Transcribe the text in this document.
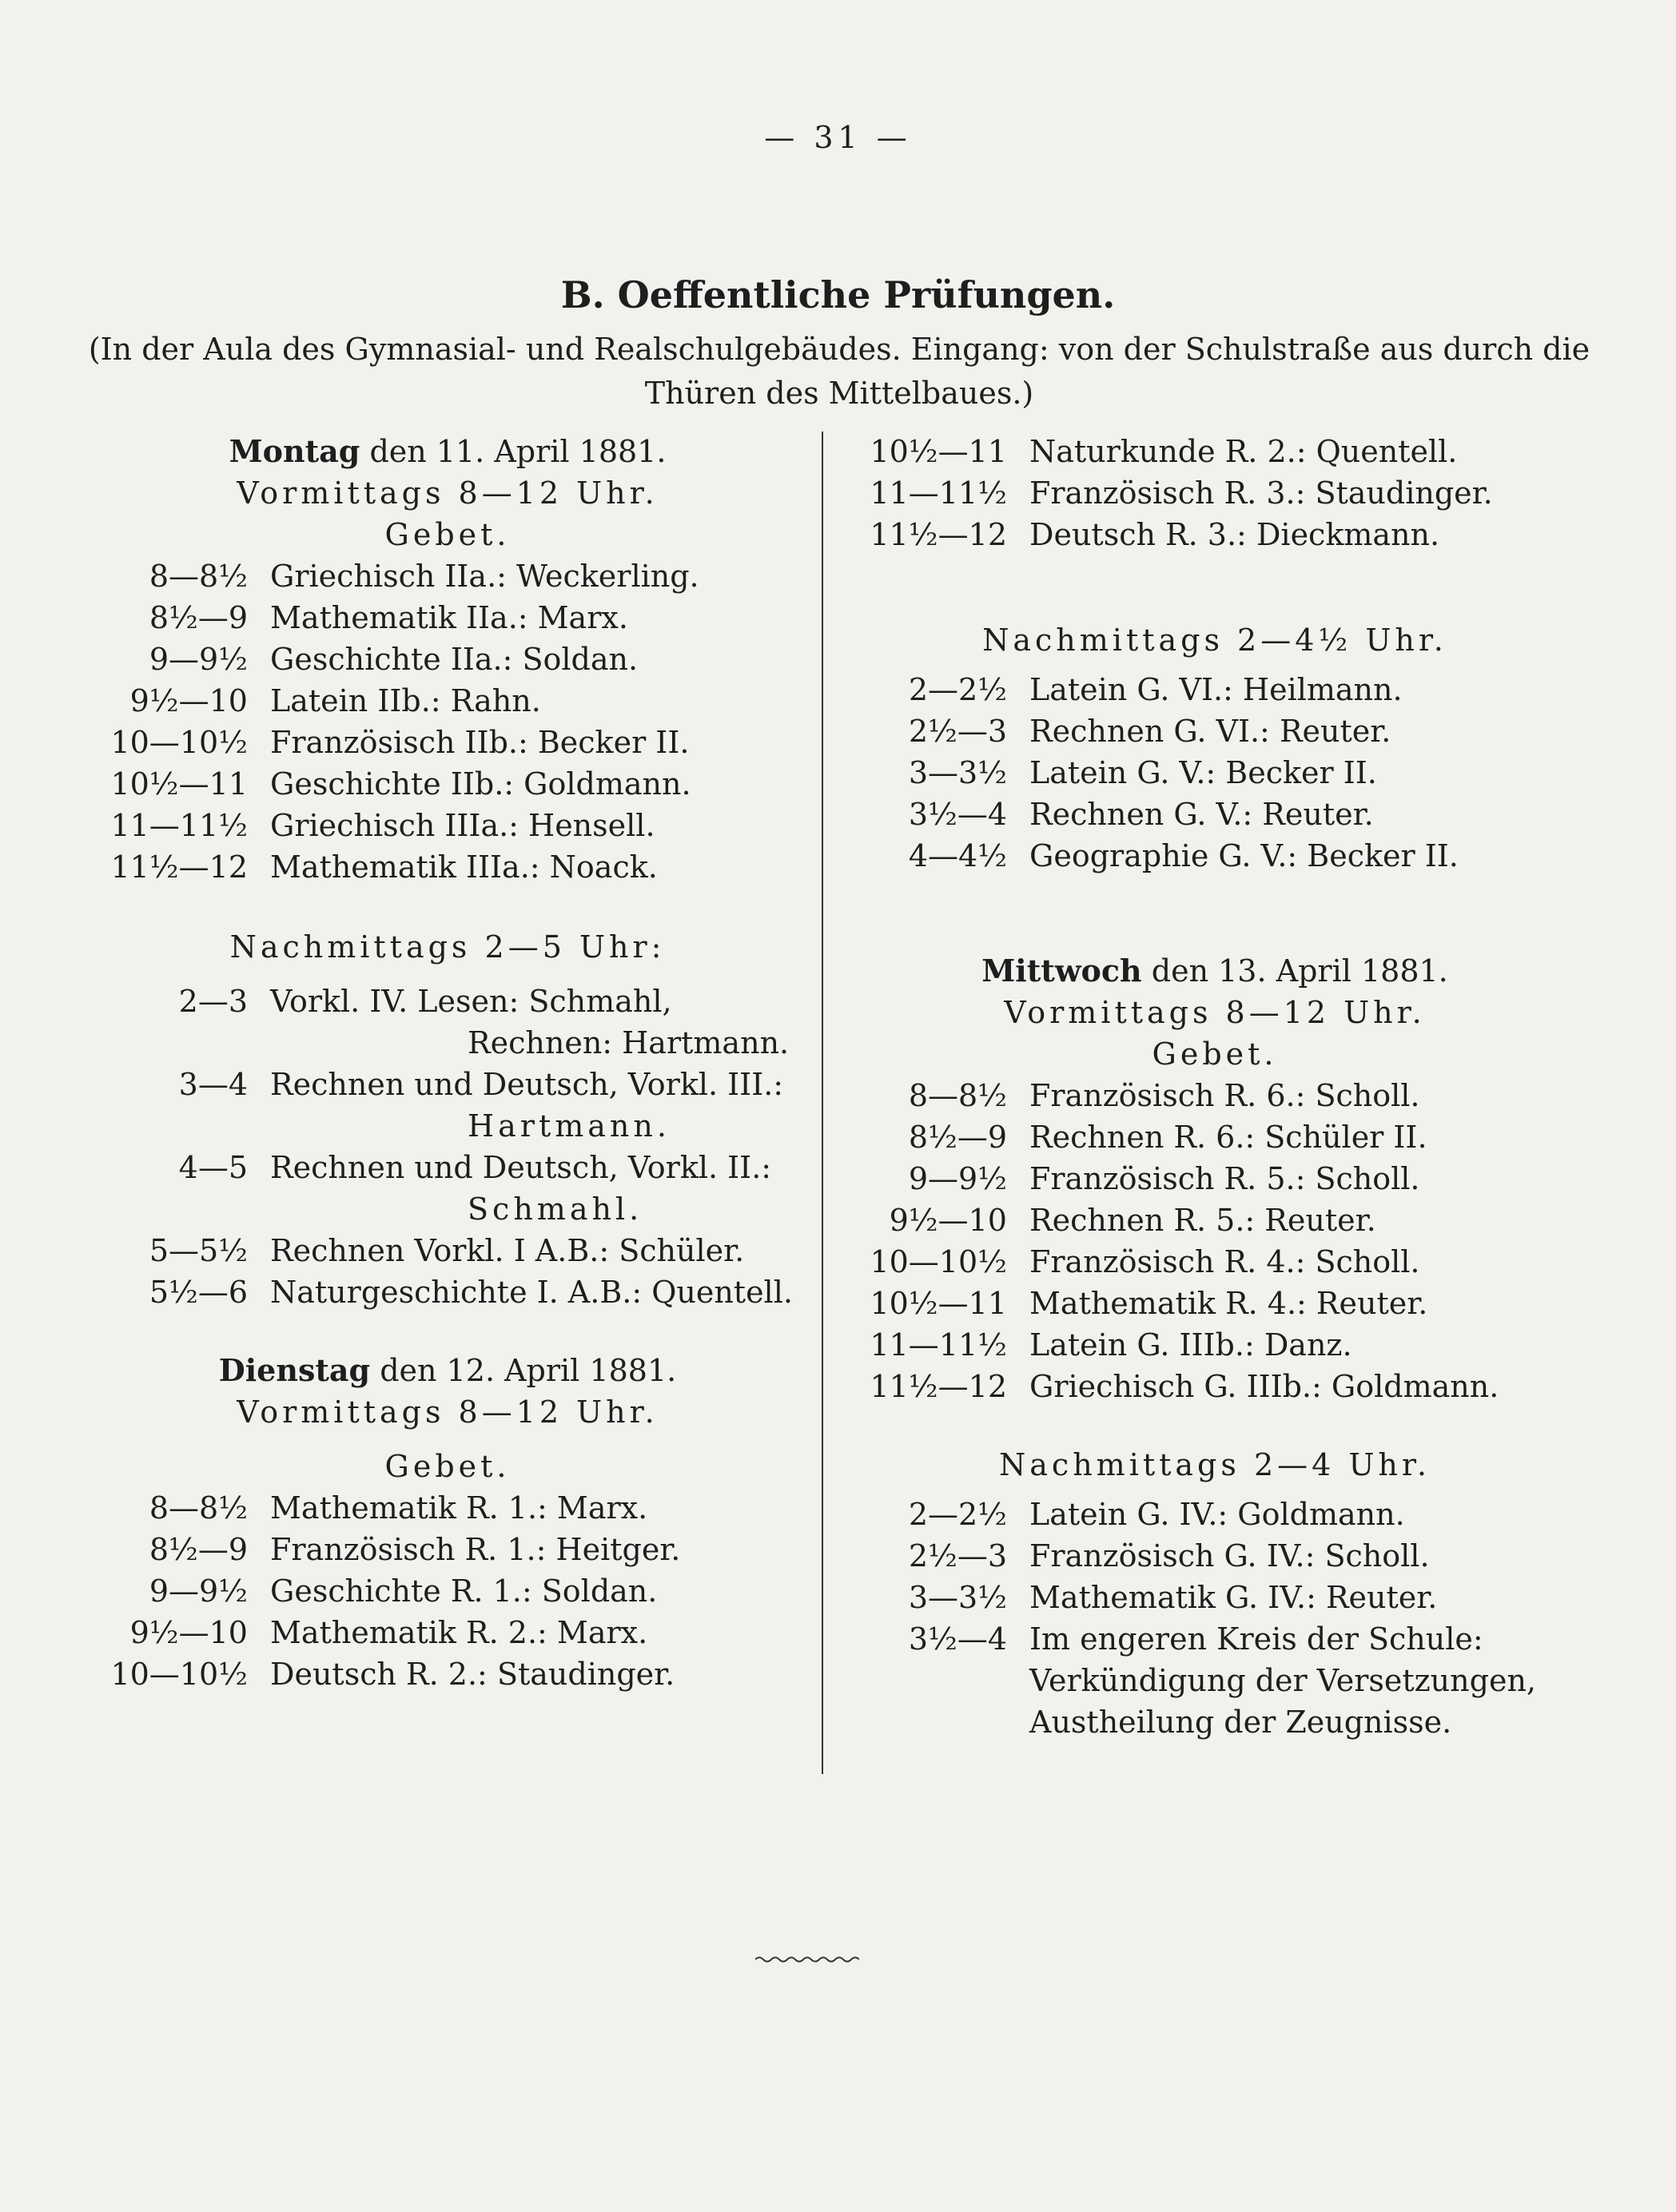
— 31 —
B. Oeffentliche Prüfungen.
(In der Aula des Gymnasial- und Realschulgebäudes. Eingang: von der Schulstraße aus durch die Thüren des Mittelbaues.)
Montag den 11. April 1881.
Vormittags 8—12 Uhr.
Gebet.
8—8½ Griechisch IIa.: Weckerling.
8½—9 Mathematik IIa.: Marx.
9—9½ Geschichte IIa.: Soldan.
9½—10 Latein IIb.: Rahn.
10—10½ Französisch IIb.: Becker II.
10½—11 Geschichte IIb.: Goldmann.
11—11½ Griechisch IIIa.: Hensell.
11½—12 Mathematik IIIa.: Noack.
Nachmittags 2—5 Uhr:
2—3 Vorkl. IV. Lesen: Schmahl,
Rechnen: Hartmann.
3—4 Rechnen und Deutsch, Vorkl. III.:
Hartmann.
4—5 Rechnen und Deutsch, Vorkl. II.:
Schmahl.
5—5½ Rechnen Vorkl. I A.B.: Schüler.
5½—6 Naturgeschichte I. A.B.: Quentell.
Dienstag den 12. April 1881.
Vormittags 8—12 Uhr.
Gebet.
8—8½ Mathematik R. 1.: Marx.
8½—9 Französisch R. 1.: Heitger.
9—9½ Geschichte R. 1.: Soldan.
9½—10 Mathematik R. 2.: Marx.
10—10½ Deutsch R. 2.: Staudinger.
10½—11 Naturkunde R. 2.: Quentell.
11—11½ Französisch R. 3.: Staudinger.
11½—12 Deutsch R. 3.: Dieckmann.
Nachmittags 2—4½ Uhr.
2—2½ Latein G. VI.: Heilmann.
2½—3 Rechnen G. VI.: Reuter.
3—3½ Latein G. V.: Becker II.
3½—4 Rechnen G. V.: Reuter.
4—4½ Geographie G. V.: Becker II.
Mittwoch den 13. April 1881.
Vormittags 8—12 Uhr.
Gebet.
8—8½ Französisch R. 6.: Scholl.
8½—9 Rechnen R. 6.: Schüler II.
9—9½ Französisch R. 5.: Scholl.
9½—10 Rechnen R. 5.: Reuter.
10—10½ Französisch R. 4.: Scholl.
10½—11 Mathematik R. 4.: Reuter.
11—11½ Latein G. IIIb.: Danz.
11½—12 Griechisch G. IIIb.: Goldmann.
Nachmittags 2—4 Uhr.
2—2½ Latein G. IV.: Goldmann.
2½—3 Französisch G. IV.: Scholl.
3—3½ Mathematik G. IV.: Reuter.
3½—4 Im engeren Kreis der Schule:
Verkündigung der Versetzungen,
Austheilung der Zeugnisse.
